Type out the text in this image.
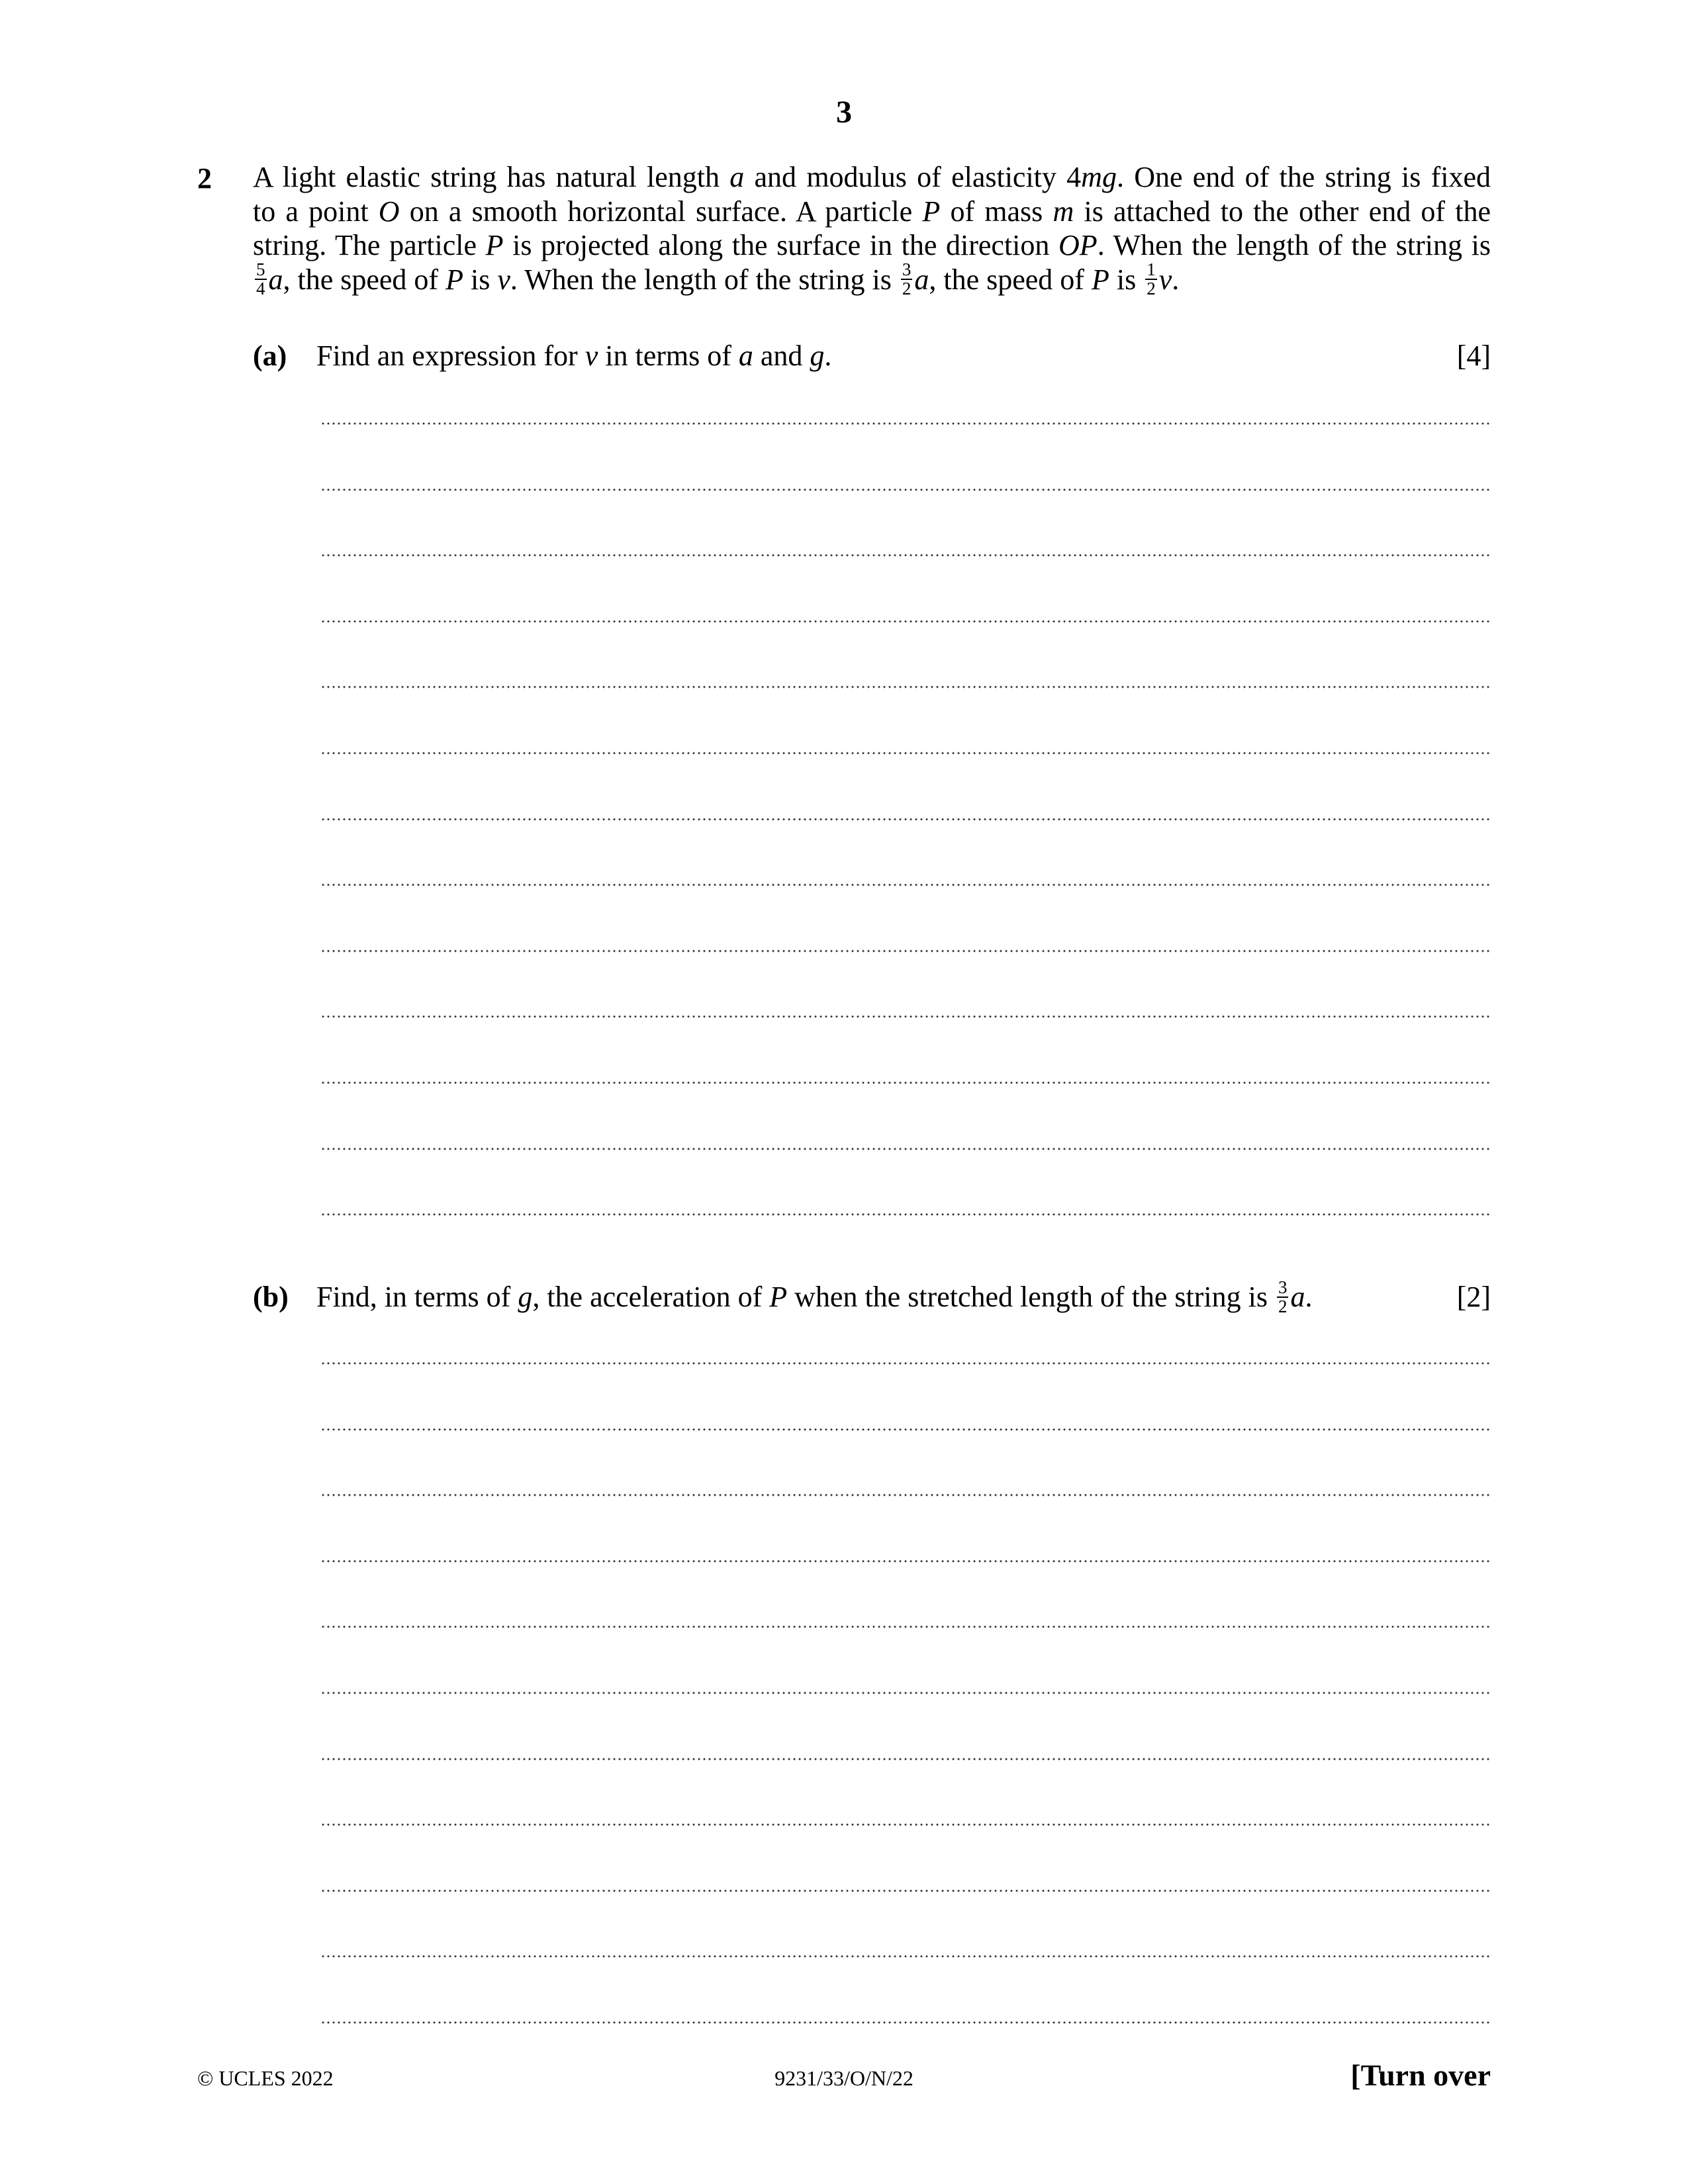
3
2 A light elastic string has natural length a and modulus of elasticity 4mg. One end of the string is fixed
to a point O on a smooth horizontal surface. A particle P of mass m is attached to the other end of the
string. The particle P is projected along the surface in the direction OP. When the length of the string is
$\frac{5}{4} a$, the speed of P is v. When the length of the string is $\frac{3}{2} a$, the speed of P is $\frac{1}{2} v$.
(a) Find an expression for v in terms of a and g.	[4]
(b) Find, in terms of g, the acceleration of P when the stretched length of the string is $\frac{3}{2} a$.	[2]
© UCLES 2022	9231/33/O/N/22	[Turn over
